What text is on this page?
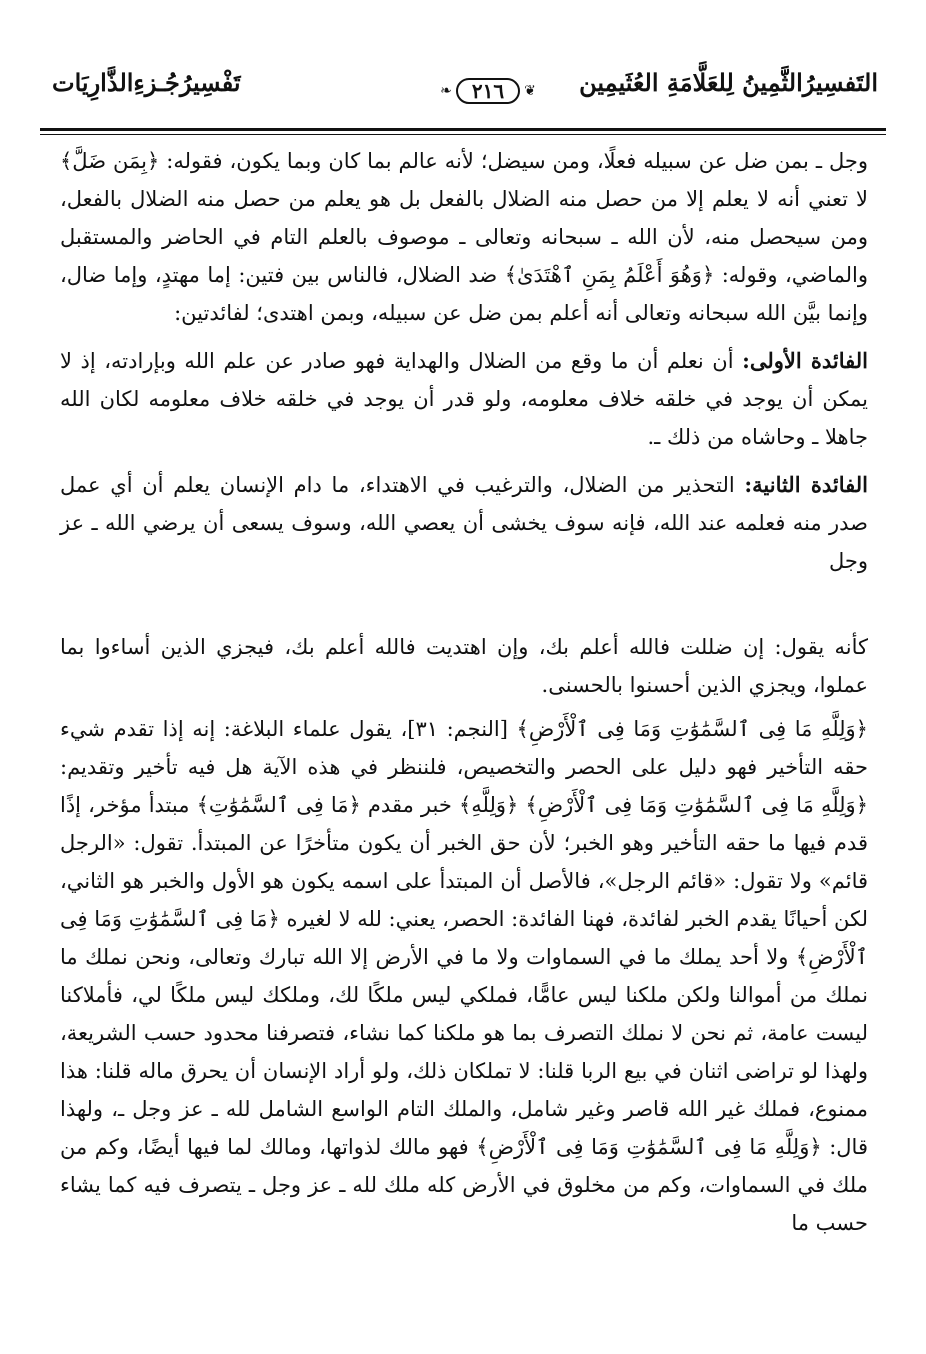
التَفسِيرُالثَّمِينُ لِلعَلَّامَةِ العُثَيمِين
❦
٢١٦
❧
تَفْسِيرُجُـزءِالذَّارِيَات

وجل ـ بمن ضل عن سبيله فعلًا، ومن سيضل؛ لأنه عالم بما كان وبما يكون، فقوله: ﴿بِمَن ضَلَّ﴾ لا تعني أنه لا يعلم إلا من حصل منه الضلال بالفعل بل هو يعلم من حصل منه الضلال بالفعل، ومن سيحصل منه، لأن الله ـ سبحانه وتعالى ـ موصوف بالعلم التام في الحاضر والمستقبل والماضي، وقوله: ﴿وَهُوَ أَعْلَمُ بِمَنِ ٱهْتَدَىٰ﴾ ضد الضلال، فالناس بين فتين: إما مهتدٍ، وإما ضال، وإنما بيَّن الله سبحانه وتعالى أنه أعلم بمن ضل عن سبيله، وبمن اهتدى؛ لفائدتين:

الفائدة الأولى: أن نعلم أن ما وقع من الضلال والهداية فهو صادر عن علم الله وبإرادته، إذ لا يمكن أن يوجد في خلقه خلاف معلومه، ولو قدر أن يوجد في خلقه خلاف معلومه لكان الله جاهلا ـ وحاشاه من ذلك ـ.

الفائدة الثانية: التحذير من الضلال، والترغيب في الاهتداء، ما دام الإنسان يعلم أن أي عمل صدر منه فعلمه عند الله، فإنه سوف يخشى أن يعصي الله، وسوف يسعى أن يرضي الله ـ عز وجل

كأنه يقول: إن ضللت فالله أعلم بك، وإن اهتديت فالله أعلم بك، فيجزي الذين أساءوا بما عملوا، ويجزي الذين أحسنوا بالحسنى.

﴿وَلِلَّهِ مَا فِى ٱلسَّمَٰوَٰتِ وَمَا فِى ٱلْأَرْضِ﴾ [النجم: ٣١]، يقول علماء البلاغة: إنه إذا تقدم شيء حقه التأخير فهو دليل على الحصر والتخصيص، فلننظر في هذه الآية هل فيه تأخير وتقديم: ﴿وَلِلَّهِ مَا فِى ٱلسَّمَٰوَٰتِ وَمَا فِى ٱلْأَرْضِ﴾ ﴿وَلِلَّهِ﴾ خبر مقدم ﴿مَا فِى ٱلسَّمَٰوَٰتِ﴾ مبتدأ مؤخر، إذًا قدم فيها ما حقه التأخير وهو الخبر؛ لأن حق الخبر أن يكون متأخرًا عن المبتدأ. تقول: «الرجل قائم» ولا تقول: «قائم الرجل»، فالأصل أن المبتدأ على اسمه يكون هو الأول والخبر هو الثاني، لكن أحيانًا يقدم الخبر لفائدة، فهنا الفائدة: الحصر، يعني: لله لا لغيره ﴿مَا فِى ٱلسَّمَٰوَٰتِ وَمَا فِى ٱلْأَرْضِ﴾ ولا أحد يملك ما في السماوات ولا ما في الأرض إلا الله تبارك وتعالى، ونحن نملك ما نملك من أموالنا ولكن ملكنا ليس عامًّا، فملكي ليس ملكًا لك، وملكك ليس ملكًا لي، فأملاكنا ليست عامة، ثم نحن لا نملك التصرف بما هو ملكنا كما نشاء، فتصرفنا محدود حسب الشريعة، ولهذا لو تراضى اثنان في بيع الربا قلنا: لا تملكان ذلك، ولو أراد الإنسان أن يحرق ماله قلنا: هذا ممنوع، فملك غير الله قاصر وغير شامل، والملك التام الواسع الشامل لله ـ عز وجل ـ، ولهذا قال: ﴿وَلِلَّهِ مَا فِى ٱلسَّمَٰوَٰتِ وَمَا فِى ٱلْأَرْضِ﴾ فهو مالك لذواتها، ومالك لما فيها أيضًا، وكم من ملك في السماوات، وكم من مخلوق في الأرض كله ملك لله ـ عز وجل ـ يتصرف فيه كما يشاء حسب ما
